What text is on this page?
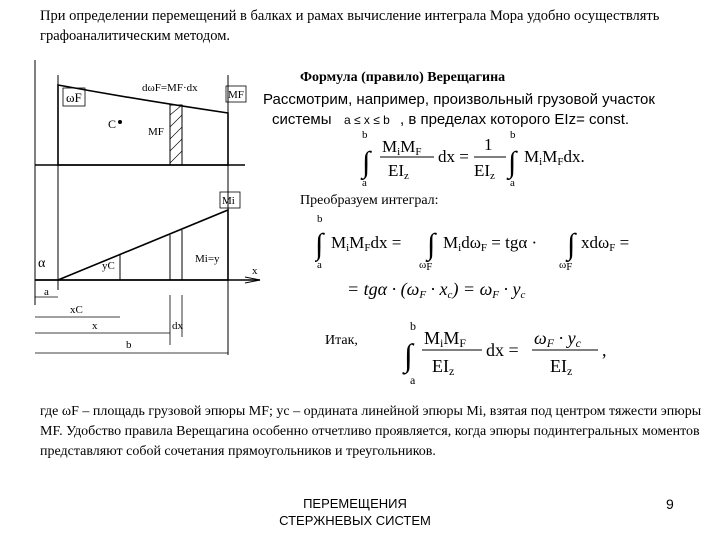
При определении перемещений в балках и рамах вычисление интеграла Мора удобно осуществлять графоаналитическим методом.
Формула (правило) Верещагина
Рассмотрим, например, произвольный грузовой участок
системы a ≤ x ≤ b , в пределах которого EIz= const.
ωF
dωF=MF·dx
MF
C
MF
Mi
α	yC
Mi=y
x
a
xC
x	dx
b
b
∫
a
MiMF
EIz
dx =
1
EIz
b
∫
a
MiMFdx.
Преобразуем интеграл:
b
∫
a
MiMFdx = ∫
ωF
MidωF = tgα · ∫
ωF
xdωF =
= tgα · (ωF · xc) = ωF · yc
Итак,
b
∫
a
MiMF
EIz
dx =
ωF · yc
EIz
,
где ωF – площадь грузовой эпюры MF; yc – ордината линейной эпюры Mi, взятая под центром тяжести эпюры MF. Удобство правила Верещагина особенно отчетливо проявляется, когда эпюры подинтегральных моментов представляют собой сочетания прямоугольников и треугольников.
ПЕРЕМЕЩЕНИЯ СТЕРЖНЕВЫХ СИСТЕМ
9
